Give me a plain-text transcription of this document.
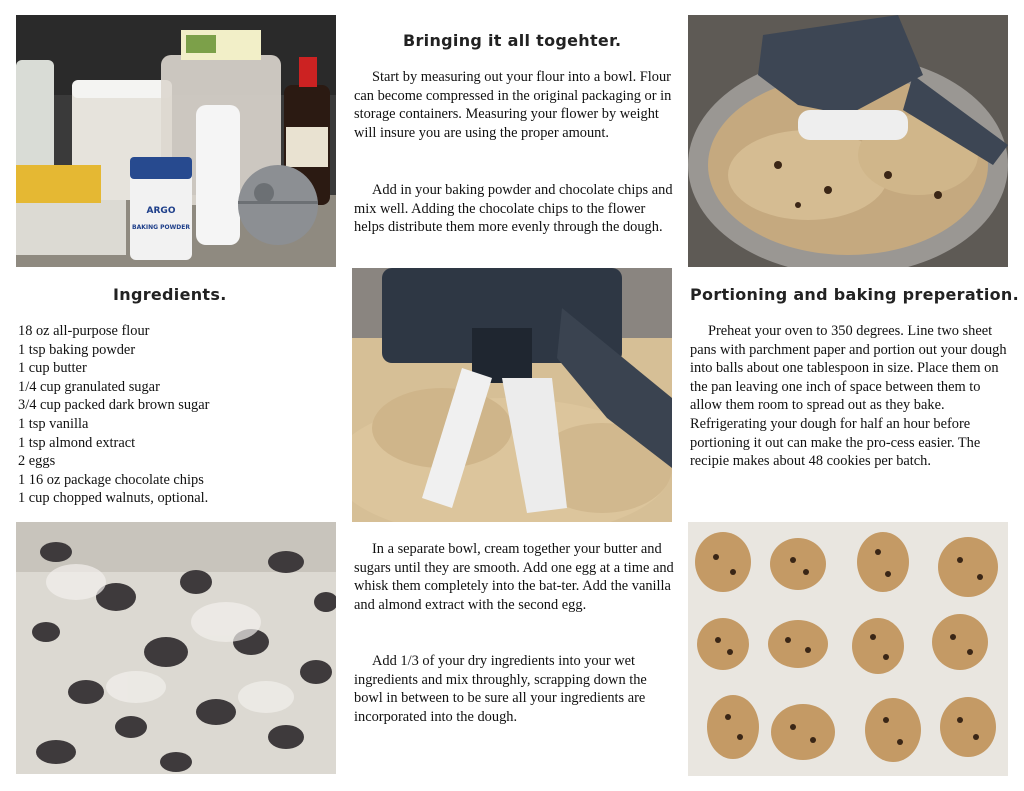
ARGO
BAKING POWDER
Bringing it all togehter.

Start by measuring out your flour into a bowl. Flour can become compressed in the original packaging or in storage containers. Measuring your flower by weight will insure you are using the proper amount.

Add in your baking powder and chocolate chips and mix well. Adding the chocolate chips to the flower helps distribute them more evenly through the dough.

Ingredients.
18 oz all-purpose flour
1 tsp baking powder
1 cup butter
1/4 cup granulated sugar
3/4 cup packed dark brown sugar
1 tsp vanilla
1 tsp almond extract
2 eggs
1 16 oz package chocolate chips
1 cup chopped walnuts, optional.
Portioning and baking preperation.

Preheat your oven to 350 degrees. Line two sheet pans with parchment paper and portion out your dough into balls about one tablespoon in size. Place them on the pan leaving one inch of space between them to allow them room to spread out as they bake. Refrigerating your dough for half an hour before portioning it out can make the pro-cess easier. The recipie makes about 48 cookies per batch.

In a separate bowl, cream together your butter and sugars until they are smooth. Add one egg at a time and whisk them completely into the bat-ter. Add the vanilla and almond extract with the second egg.

Add 1/3 of your dry ingredients into your wet ingredients and mix throughly, scrapping down the bowl in between to be sure all your ingredients are incorporated into the dough.
